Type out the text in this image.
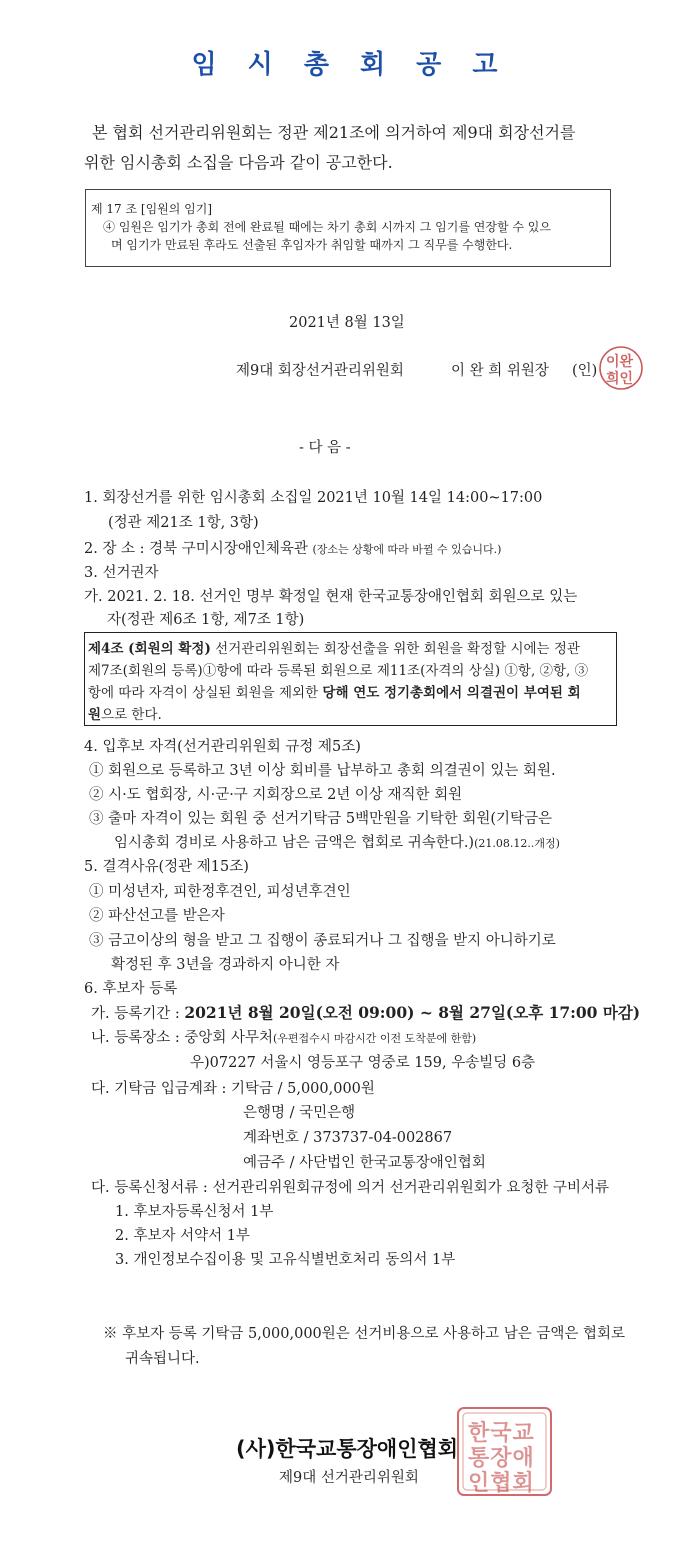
임 시 총 회 공 고
본 협회 선거관리위원회는 정관 제21조에 의거하여 제9대 회장선거를
위한 임시총회 소집을 다음과 같이 공고한다.
제 17 조 [임원의 임기]
④ 임원은 임기가 총회 전에 완료될 때에는 차기 총회 시까지 그 임기를 연장할 수 있으
며 임기가 만료된 후라도 선출된 후임자가 취임할 때까지 그 직무를 수행한다.
2021년 8월 13일
제9대 회장선거관리위원회	이 완 희 위원장 (인)
이완
희인
- 다 음 -
1. 회장선거를 위한 임시총회 소집일 2021년 10월 14일 14:00~17:00
(정관 제21조 1항, 3항)
2. 장 소 : 경북 구미시장애인체육관 (장소는 상황에 따라 바뀔 수 있습니다.)
3. 선거권자
가. 2021. 2. 18. 선거인 명부 확정일 현재 한국교통장애인협회 회원으로 있는
자(정관 제6조 1항, 제7조 1항)
제4조 (회원의 확정) 선거관리위원회는 회장선출을 위한 회원을 확정할 시에는 정관
제7조(회원의 등록)①항에 따라 등록된 회원으로 제11조(자격의 상실) ①항, ②항, ③
항에 따라 자격이 상실된 회원을 제외한 당해 연도 정기총회에서 의결권이 부여된 회
원으로 한다.
4. 입후보 자격(선거관리위원회 규정 제5조)
① 회원으로 등록하고 3년 이상 회비를 납부하고 총회 의결권이 있는 회원.
② 시·도 협회장, 시·군·구 지회장으로 2년 이상 재직한 회원
③ 출마 자격이 있는 회원 중 선거기탁금 5백만원을 기탁한 회원(기탁금은
임시총회 경비로 사용하고 남은 금액은 협회로 귀속한다.)(21.08.12..개정)
5. 결격사유(정관 제15조)
① 미성년자, 피한정후견인, 피성년후견인
② 파산선고를 받은자
③ 금고이상의 형을 받고 그 집행이 종료되거나 그 집행을 받지 아니하기로
확정된 후 3년을 경과하지 아니한 자
6. 후보자 등록
가. 등록기간 : 2021년 8월 20일(오전 09:00) ~ 8월 27일(오후 17:00 마감)
나. 등록장소 : 중앙회 사무처(우편접수시 마감시간 이전 도착분에 한함)
우)07227 서울시 영등포구 영중로 159, 우송빌딩 6층
다. 기탁금 입금계좌 : 기탁금 / 5,000,000원
은행명 / 국민은행
계좌번호 / 373737-04-002867
예금주 / 사단법인 한국교통장애인협회
다. 등록신청서류 : 선거관리위원회규정에 의거 선거관리위원회가 요청한 구비서류
1. 후보자등록신청서 1부
2. 후보자 서약서 1부
3. 개인정보수집이용 및 고유식별번호처리 동의서 1부
※ 후보자 등록 기탁금 5,000,000원은 선거비용으로 사용하고 남은 금액은 협회로
귀속됩니다.
한국교
통장애
인협회
(사)한국교통장애인협회
제9대 선거관리위원회
